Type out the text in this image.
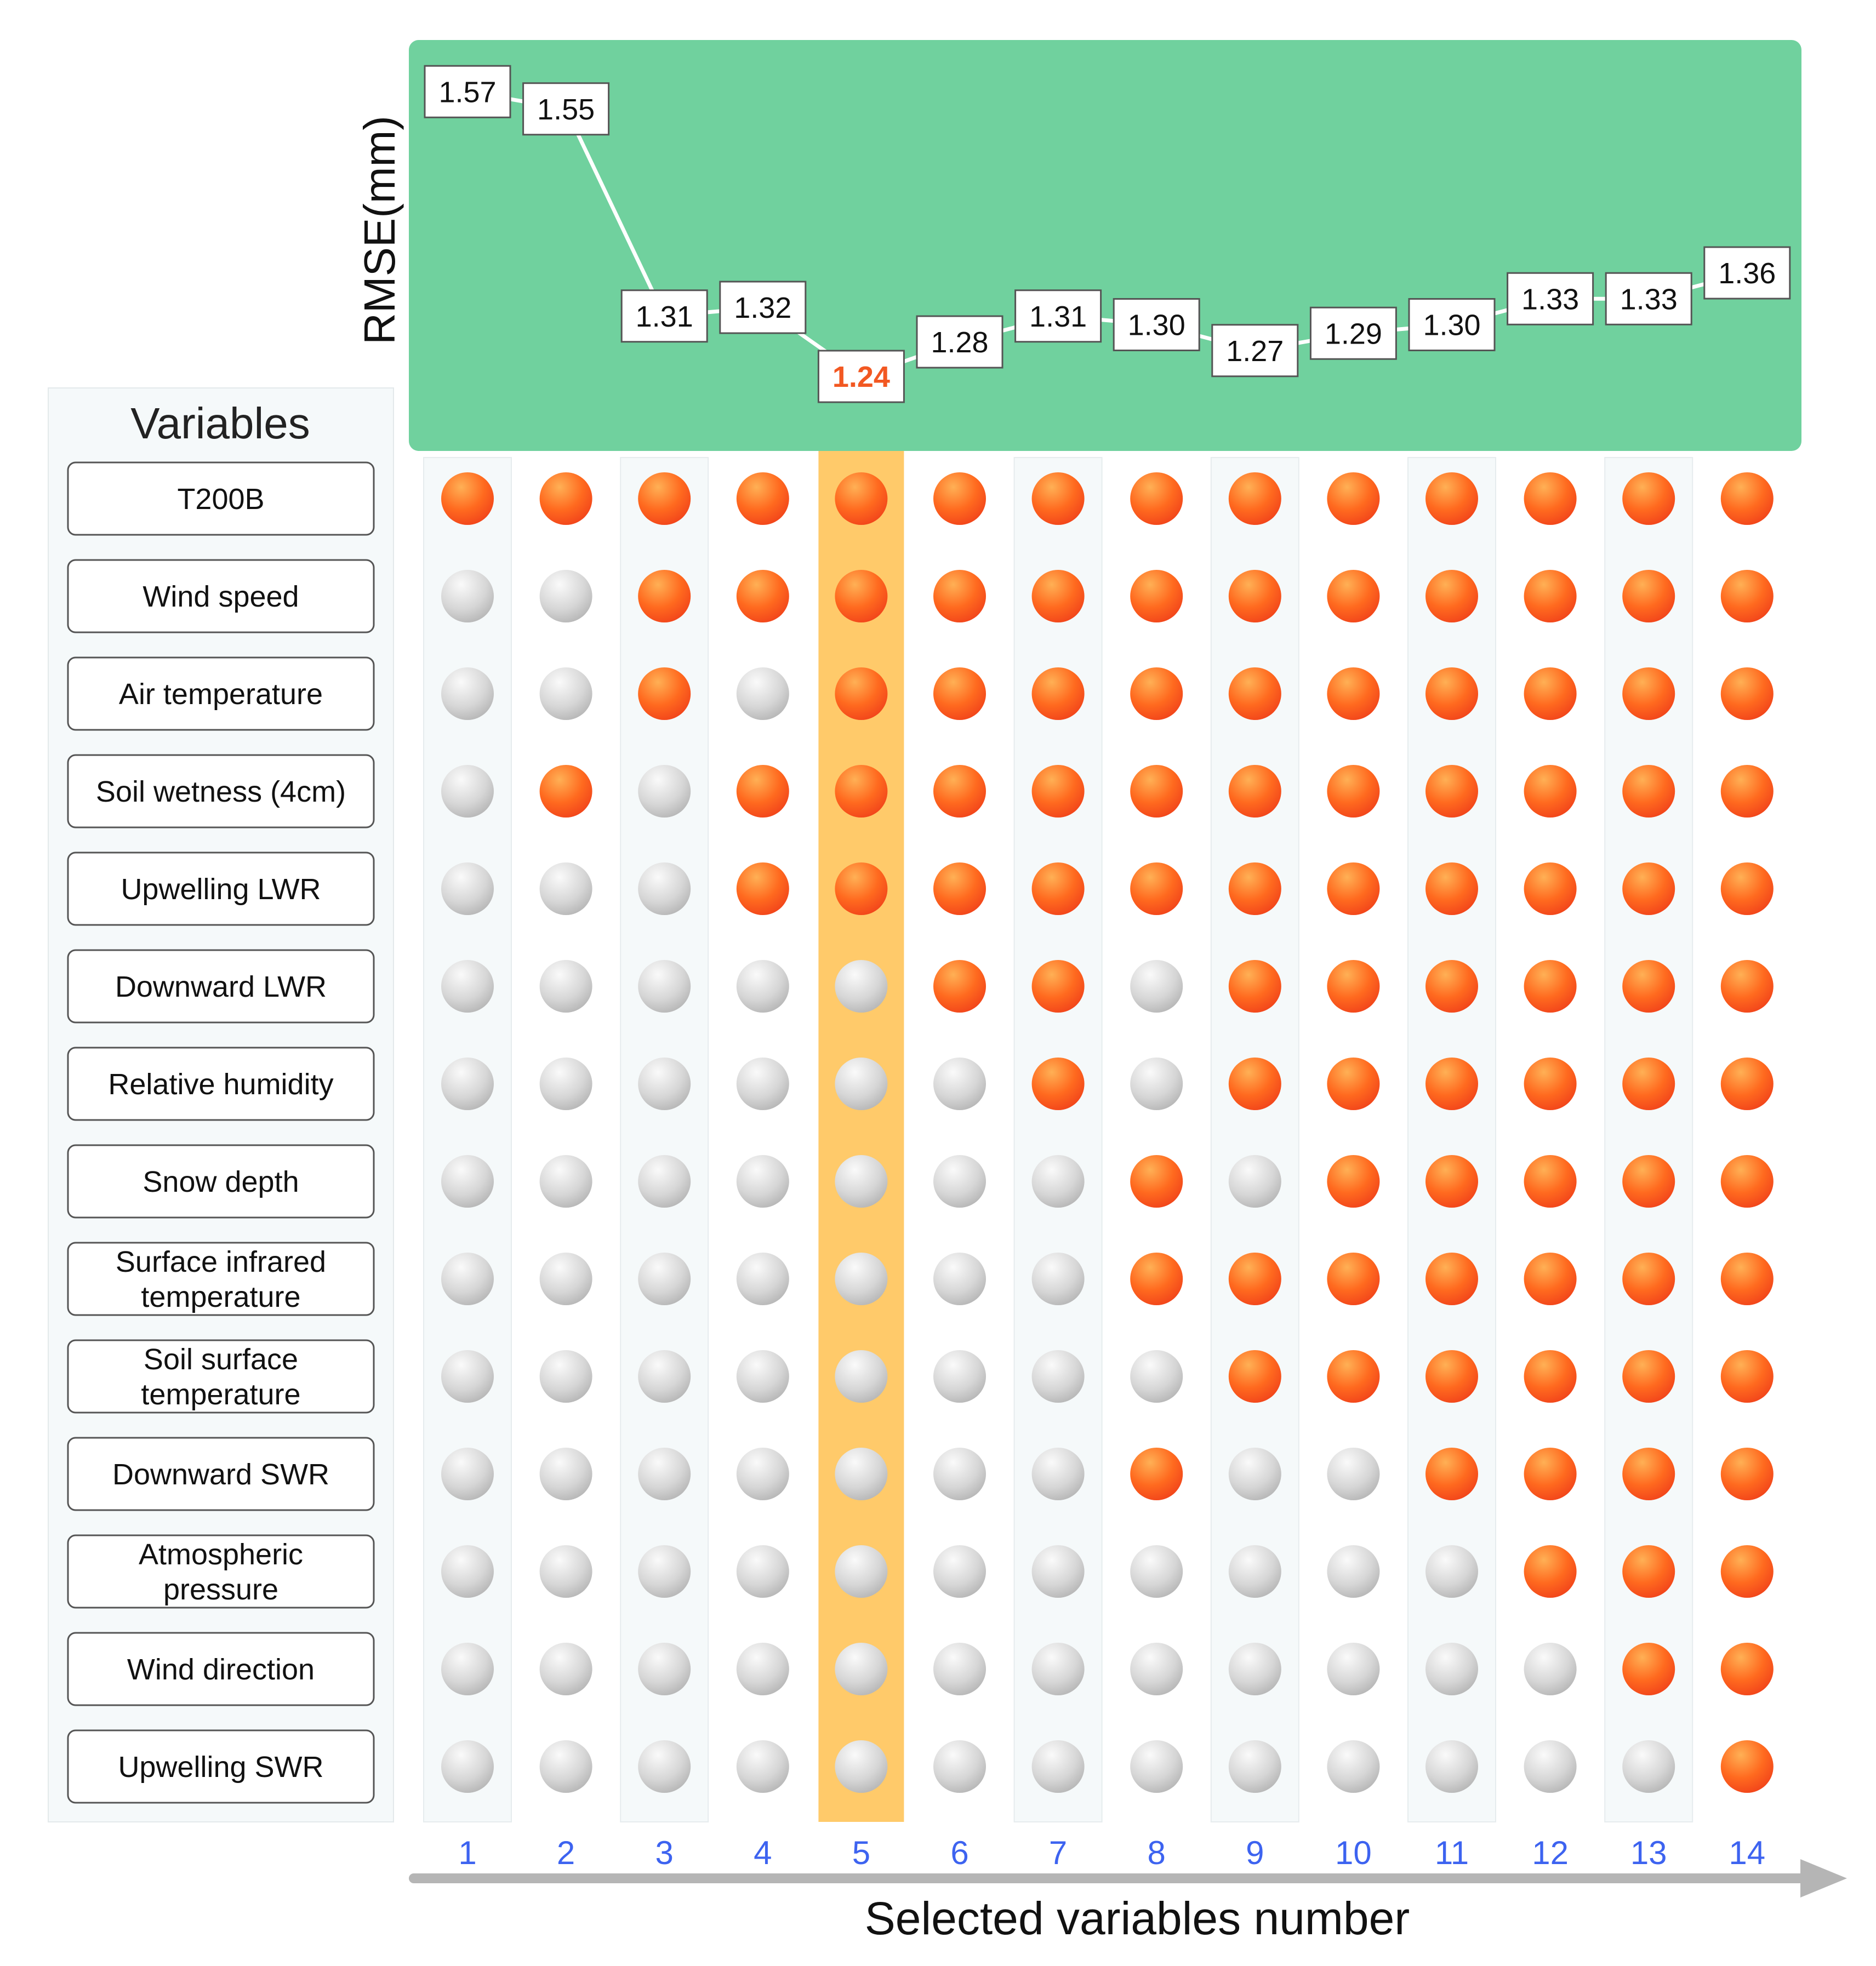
RMSE(mm)
Variables
T200B
Wind speed
Air temperature
Soil wetness (4cm)
Upwelling LWR
Downward LWR
Relative humidity
Snow depth
Surface infrared
temperature
Soil surface
temperature
Downward SWR
Atmospheric
pressure
Wind direction
Upwelling SWR
1.57
1.55
1.31 1.32
1.24
1.28
1.31 1.30
1.27
1.29 1.30
1.33 1.33
1.36
1 2 3 4 5 6 7 8 9 10 11 12 13 14
Selected variables number
